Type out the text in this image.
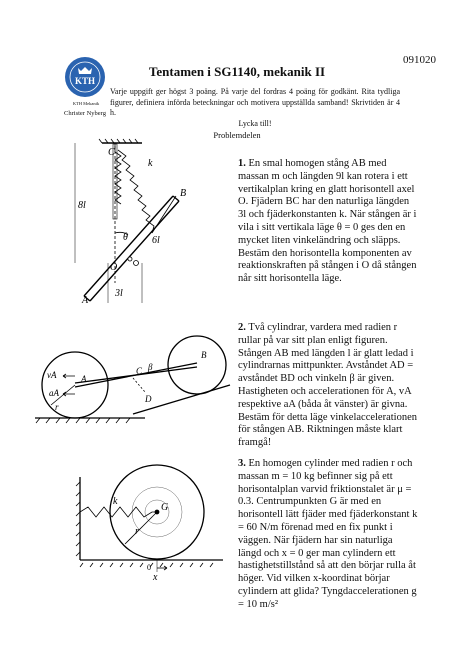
091020
KTH
KTH Mekanik
Christer Nyberg
Tentamen i SG1140, mekanik II
Varje uppgift ger högst 3 poäng. På varje del fordras 4 poäng för godkänt. Rita tydliga figurer, definiera införda beteckningar och motivera uppställda samband! Skrivtiden är 4 h.
Lycka till!
Problemdelen

1. En smal homogen stång AB med massan m och längden 9l kan rotera i ett vertikalplan kring en glatt horisontell axel O. Fjädern BC har den naturliga längden 3l och fjäderkonstanten k. När stången är i vila i sitt vertikala läge θ = 0 ges den en mycket liten vinkeländring och släpps. Bestäm den horisontella komponenten av reaktionskraften på stången i O då stången når sitt horisontella läge.

2. Två cylindrar, vardera med radien r rullar på var sitt plan enligt figuren. Stången AB med längden l är glatt ledad i cylindrarnas mittpunkter. Avståndet AD = avståndet BD och vinkeln β är given. Hastigheten och accelerationen för A, vA respektive aA (båda åt vänster) är givna. Bestäm för detta läge vinkelaccelerationen för stången AB. Riktningen måste klart framgå!

3. En homogen cylinder med radien r och massan m = 10 kg befinner sig på ett horisontalplan varvid friktionstalet är μ = 0.3. Centrumpunkten G är med en horisontell lätt fjäder med fjäderkonstant k = 60 N/m förenad med en fix punkt i väggen. När fjädern har sin naturliga längd och x = 0 ger man cylindern ett hastighetstillstånd så att den börjar rulla åt höger. Vid vilken x-koordinat börjar cylindern att glida? Tyngdaccelerationen g = 10 m/s²

C
k
B
θ 6l
8l
O
3l
A
B
β
C
vA	A
aA
r
D
k
G
r
x
0
